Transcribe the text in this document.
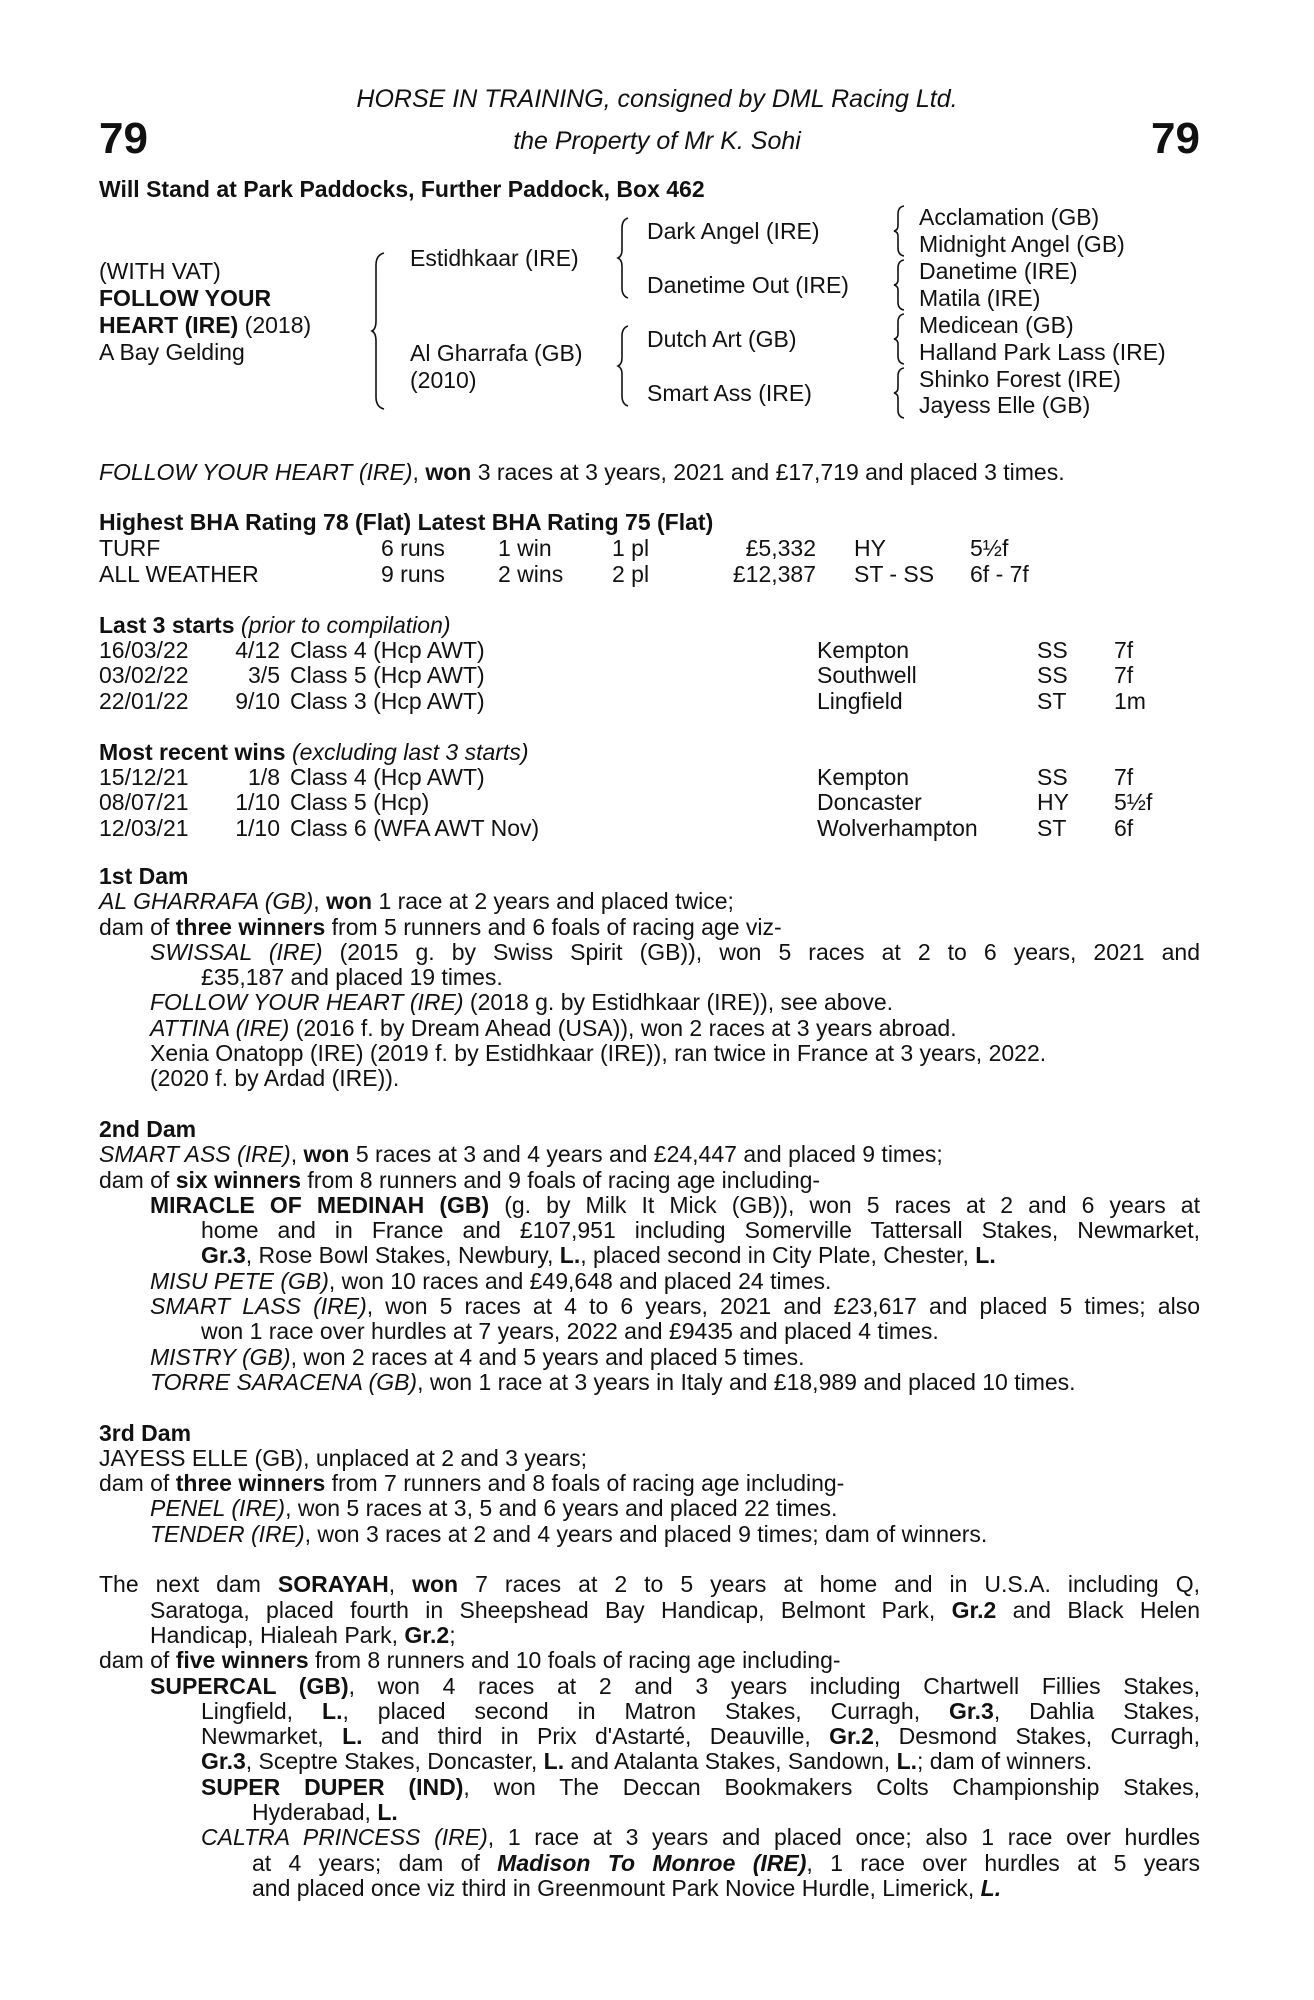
HORSE IN TRAINING, consigned by DML Racing Ltd.
79	the Property of Mr K. Sohi	79
Will Stand at Park Paddocks, Further Paddock, Box 462
(WITH VAT)
FOLLOW YOUR
HEART (IRE) (2018)
A Bay Gelding
Estidhkaar (IRE)
Al Gharrafa (GB)
(2010)
Dark Angel (IRE)
Danetime Out (IRE)
Dutch Art (GB)
Smart Ass (IRE)
Acclamation (GB)
Midnight Angel (GB)
Danetime (IRE)
Matila (IRE)
Medicean (GB)
Halland Park Lass (IRE)
Shinko Forest (IRE)
Jayess Elle (GB)
FOLLOW YOUR HEART (IRE), won 3 races at 3 years, 2021 and £17,719 and placed 3 times.
Highest BHA Rating 78 (Flat) Latest BHA Rating 75 (Flat)
TURF	6 runs 1 win	1 pl	£5,332 HY	5½f
ALL WEATHER	9 runs 2 wins 2 pl	£12,387 ST - SS 6f - 7f
Last 3 starts (prior to compilation)
16/03/22 4/12 Class 4 (Hcp AWT)	Kempton	SS 7f
03/02/22	3/5 Class 5 (Hcp AWT)	Southwell	SS 7f
22/01/22 9/10 Class 3 (Hcp AWT)	Lingfield	ST 1m
Most recent wins (excluding last 3 starts)
15/12/21	1/8 Class 4 (Hcp AWT)	Kempton	SS 7f
08/07/21 1/10 Class 5 (Hcp)	Doncaster	HY 5½f
12/03/21 1/10 Class 6 (WFA AWT Nov)	Wolverhampton	ST 6f
1st Dam
AL GHARRAFA (GB), won 1 race at 2 years and placed twice;
dam of three winners from 5 runners and 6 foals of racing age viz-
SWISSAL (IRE) (2015 g. by Swiss Spirit (GB)), won 5 races at 2 to 6 years, 2021 and
£35,187 and placed 19 times.
FOLLOW YOUR HEART (IRE) (2018 g. by Estidhkaar (IRE)), see above.
ATTINA (IRE) (2016 f. by Dream Ahead (USA)), won 2 races at 3 years abroad.
Xenia Onatopp (IRE) (2019 f. by Estidhkaar (IRE)), ran twice in France at 3 years, 2022.
(2020 f. by Ardad (IRE)).
2nd Dam
SMART ASS (IRE), won 5 races at 3 and 4 years and £24,447 and placed 9 times;
dam of six winners from 8 runners and 9 foals of racing age including-
MIRACLE OF MEDINAH (GB) (g. by Milk It Mick (GB)), won 5 races at 2 and 6 years at
home and in France and £107,951 including Somerville Tattersall Stakes, Newmarket,
Gr.3, Rose Bowl Stakes, Newbury, L., placed second in City Plate, Chester, L.
MISU PETE (GB), won 10 races and £49,648 and placed 24 times.
SMART LASS (IRE), won 5 races at 4 to 6 years, 2021 and £23,617 and placed 5 times; also
won 1 race over hurdles at 7 years, 2022 and £9435 and placed 4 times.
MISTRY (GB), won 2 races at 4 and 5 years and placed 5 times.
TORRE SARACENA (GB), won 1 race at 3 years in Italy and £18,989 and placed 10 times.
3rd Dam
JAYESS ELLE (GB), unplaced at 2 and 3 years;
dam of three winners from 7 runners and 8 foals of racing age including-
PENEL (IRE), won 5 races at 3, 5 and 6 years and placed 22 times.
TENDER (IRE), won 3 races at 2 and 4 years and placed 9 times; dam of winners.
The next dam SORAYAH, won 7 races at 2 to 5 years at home and in U.S.A. including Q,
Saratoga, placed fourth in Sheepshead Bay Handicap, Belmont Park, Gr.2 and Black Helen
Handicap, Hialeah Park, Gr.2;
dam of five winners from 8 runners and 10 foals of racing age including-
SUPERCAL (GB), won 4 races at 2 and 3 years including Chartwell Fillies Stakes,
Lingfield, L., placed second in Matron Stakes, Curragh, Gr.3, Dahlia Stakes,
Newmarket, L. and third in Prix d'Astarté, Deauville, Gr.2, Desmond Stakes, Curragh,
Gr.3, Sceptre Stakes, Doncaster, L. and Atalanta Stakes, Sandown, L.; dam of winners.
SUPER DUPER (IND), won The Deccan Bookmakers Colts Championship Stakes,
Hyderabad, L.
CALTRA PRINCESS (IRE), 1 race at 3 years and placed once; also 1 race over hurdles
at 4 years; dam of Madison To Monroe (IRE), 1 race over hurdles at 5 years
and placed once viz third in Greenmount Park Novice Hurdle, Limerick, L.
